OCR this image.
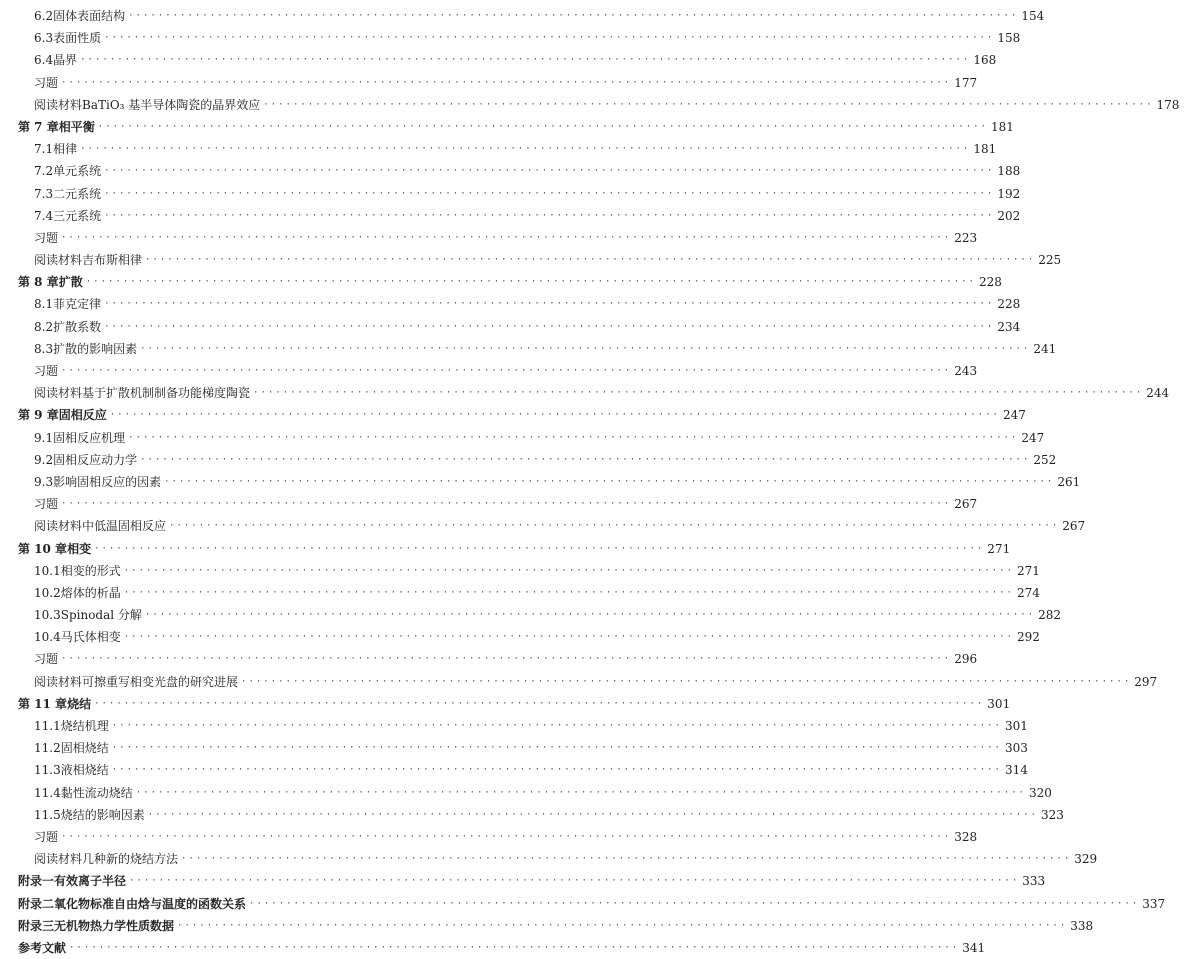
6.2 固体表面结构 ························································································································ 154
6.3 表面性质 ························································································································ 158
6.4 晶界 ························································································································ 168
习题 ························································································································ 177
阅读材料 BaTiO₃ 基半导体陶瓷的晶界效应 ························································································································ 178
第 7 章 相平衡 ························································································································ 181
7.1 相律 ························································································································ 181
7.2 单元系统 ························································································································ 188
7.3 二元系统 ························································································································ 192
7.4 三元系统 ························································································································ 202
习题 ························································································································ 223
阅读材料 吉布斯相律 ························································································································ 225
第 8 章 扩散 ························································································································ 228
8.1 菲克定律 ························································································································ 228
8.2 扩散系数 ························································································································ 234
8.3 扩散的影响因素 ························································································································ 241
习题 ························································································································ 243
阅读材料 基于扩散机制制备功能梯度陶瓷 ························································································································ 244
第 9 章 固相反应 ························································································································ 247
9.1 固相反应机理 ························································································································ 247
9.2 固相反应动力学 ························································································································ 252
9.3 影响固相反应的因素 ························································································································ 261
习题 ························································································································ 267
阅读材料 中低温固相反应 ························································································································ 267
第 10 章 相变 ························································································································ 271
10.1 相变的形式 ························································································································ 271
10.2 熔体的析晶 ························································································································ 274
10.3 Spinodal 分解 ························································································································ 282
10.4 马氏体相变 ························································································································ 292
习题 ························································································································ 296
阅读材料 可擦重写相变光盘的研究进展 ························································································································ 297
第 11 章 烧结 ························································································································ 301
11.1 烧结机理 ························································································································ 301
11.2 固相烧结 ························································································································ 303
11.3 液相烧结 ························································································································ 314
11.4 黏性流动烧结 ························································································································ 320
11.5 烧结的影响因素 ························································································································ 323
习题 ························································································································ 328
阅读材料 几种新的烧结方法 ························································································································ 329
附录一 有效离子半径 ························································································································ 333
附录二 氧化物标准自由焓与温度的函数关系 ························································································································ 337
附录三 无机物热力学性质数据 ························································································································ 338
参考文献 ························································································································ 341
